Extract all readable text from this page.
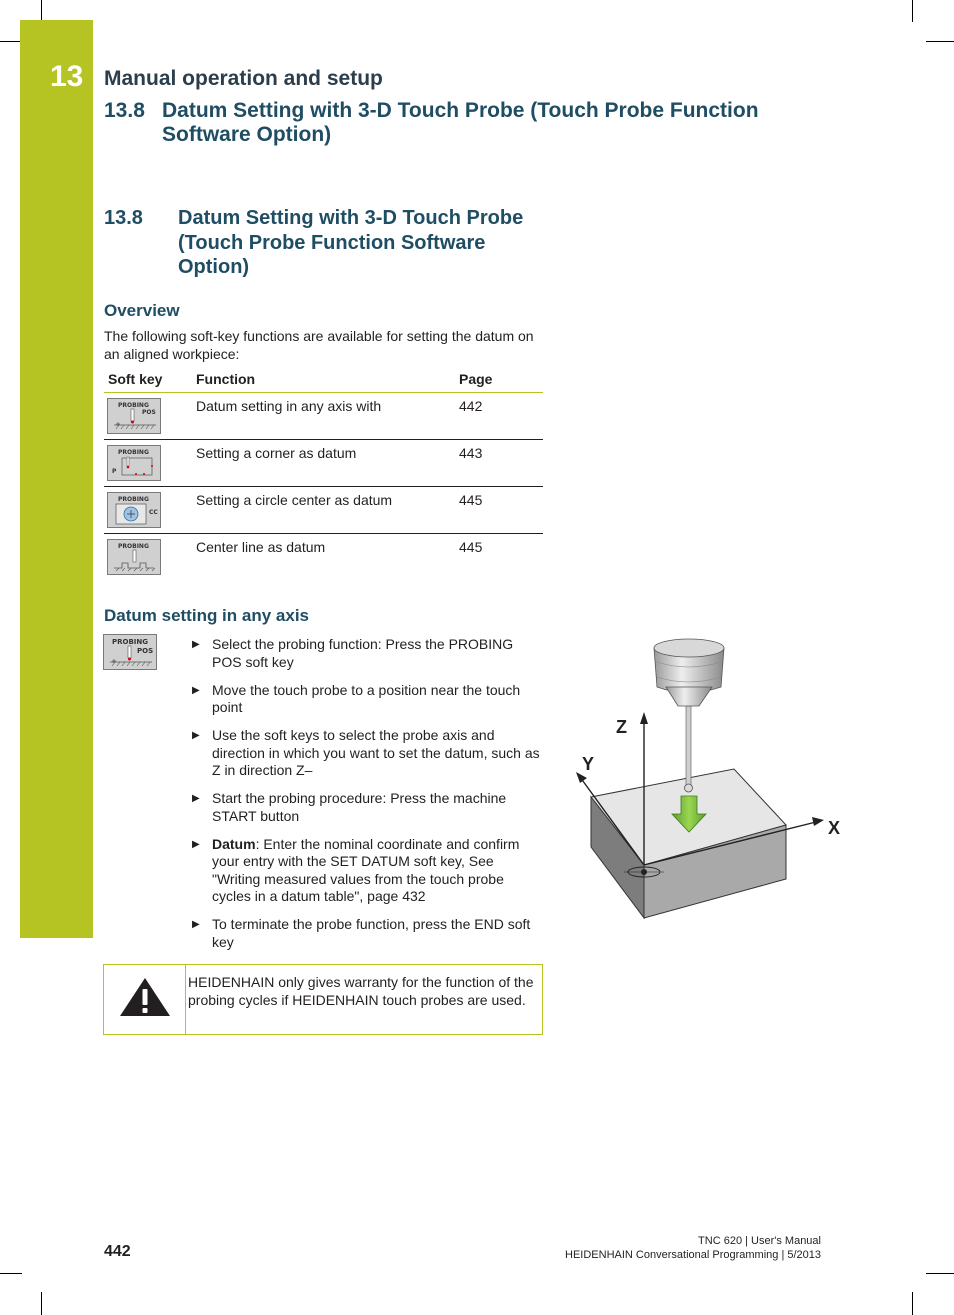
13 Manual operation and setup
13.8 Datum Setting with 3-D Touch Probe (Touch Probe Function Software Option)
13.8 Datum Setting with 3-D Touch Probe (Touch Probe Function Software Option)
Overview
The following soft-key functions are available for setting the datum on an aligned workpiece:
Soft key Function	Page
PROBING
POS	Datum setting in any axis with	442
PROBING
P
Setting a corner as datum	443
PROBING
CC
Setting a circle center as datum	445
PROBING	Center line as datum	445
Datum setting in any axis
PROBING
POS
▶ Select the probing function: Press the PROBING POS soft key
▶ Move the touch probe to a position near the touch point
▶ Use the soft keys to select the probe axis and direction in which you want to set the datum, such as Z in direction Z–
▶ Start the probing procedure: Press the machine START button
▶ Datum: Enter the nominal coordinate and confirm your entry with the SET DATUM soft key, See "Writing measured values from the touch probe cycles in a datum table", page 432
▶ To terminate the probe function, press the END soft key
Z
Y
X
HEIDENHAIN only gives warranty for the function of the probing cycles if HEIDENHAIN touch probes are used.
442
TNC 620 | User's Manual
HEIDENHAIN Conversational Programming | 5/2013
